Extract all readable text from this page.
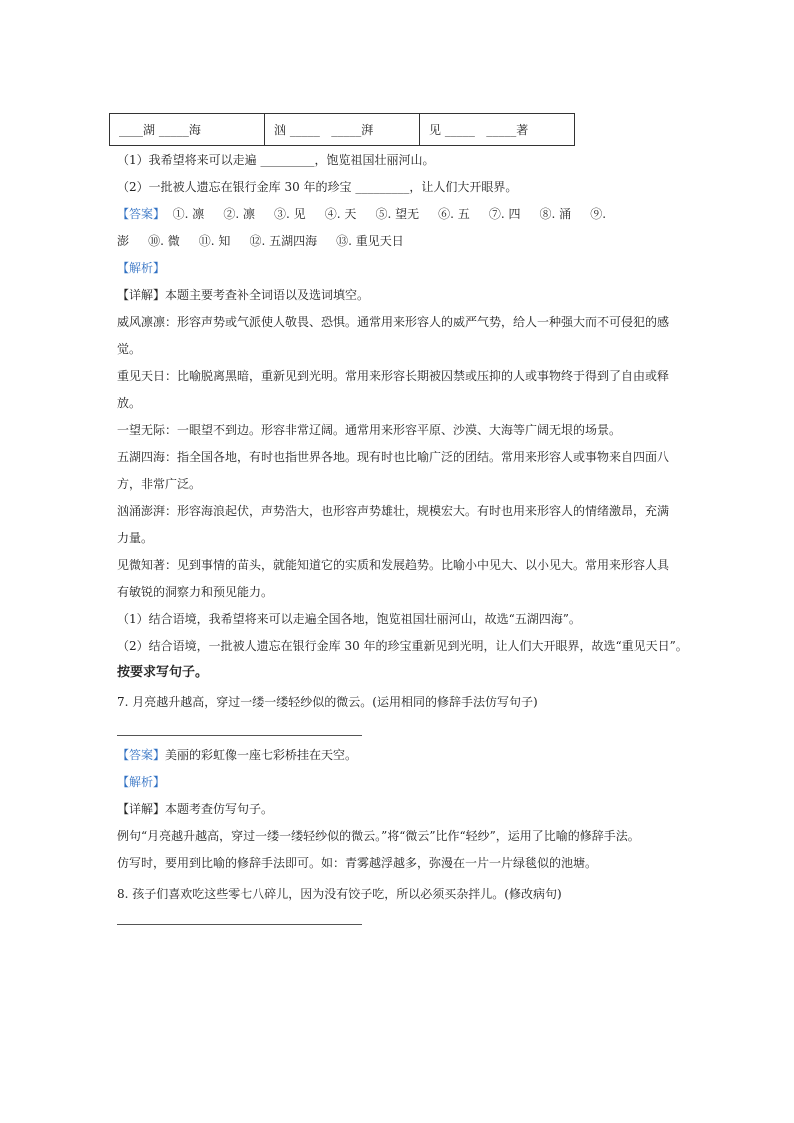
____湖 _____海	汹 _____   _____湃	见 _____   _____著
（1）我希望将来可以走遍 _________，饱览祖国壮丽河山。
（2）一批被人遗忘在银行金库 30 年的珍宝 _________，让人们大开眼界。
【答案】  ①. 凛     ②. 凛     ③. 见     ④. 天     ⑤. 望无     ⑥. 五     ⑦. 四     ⑧. 涌     ⑨.
澎     ⑩. 微     ⑪. 知     ⑫. 五湖四海     ⑬. 重见天日
【解析】
【详解】本题主要考查补全词语以及选词填空。
威风凛凛：形容声势或气派使人敬畏、恐惧。通常用来形容人的威严气势，给人一种强大而不可侵犯的感
觉。
重见天日：比喻脱离黑暗，重新见到光明。常用来形容长期被囚禁或压抑的人或事物终于得到了自由或释
放。
一望无际：一眼望不到边。形容非常辽阔。通常用来形容平原、沙漠、大海等广阔无垠的场景。
五湖四海：指全国各地，有时也指世界各地。现有时也比喻广泛的团结。常用来形容人或事物来自四面八
方，非常广泛。
汹涌澎湃：形容海浪起伏，声势浩大，也形容声势雄壮，规模宏大。有时也用来形容人的情绪激昂，充满
力量。
见微知著：见到事情的苗头，就能知道它的实质和发展趋势。比喻小中见大、以小见大。常用来形容人具
有敏锐的洞察力和预见能力。
（1）结合语境，我希望将来可以走遍全国各地，饱览祖国壮丽河山，故选“五湖四海”。
（2）结合语境，一批被人遗忘在银行金库 30 年的珍宝重新见到光明，让人们大开眼界，故选“重见天日”。
按要求写句子。
7. 月亮越升越高，穿过一缕一缕轻纱似的微云。(运用相同的修辞手法仿写句子)
【答案】美丽的彩虹像一座七彩桥挂在天空。
【解析】
【详解】本题考查仿写句子。
例句“月亮越升越高，穿过一缕一缕轻纱似的微云。”将“微云”比作“轻纱”，运用了比喻的修辞手法。
仿写时，要用到比喻的修辞手法即可。如：青雾越浮越多，弥漫在一片一片绿毯似的池塘。
8. 孩子们喜欢吃这些零七八碎儿，因为没有饺子吃，所以必须买杂拌儿。(修改病句)
